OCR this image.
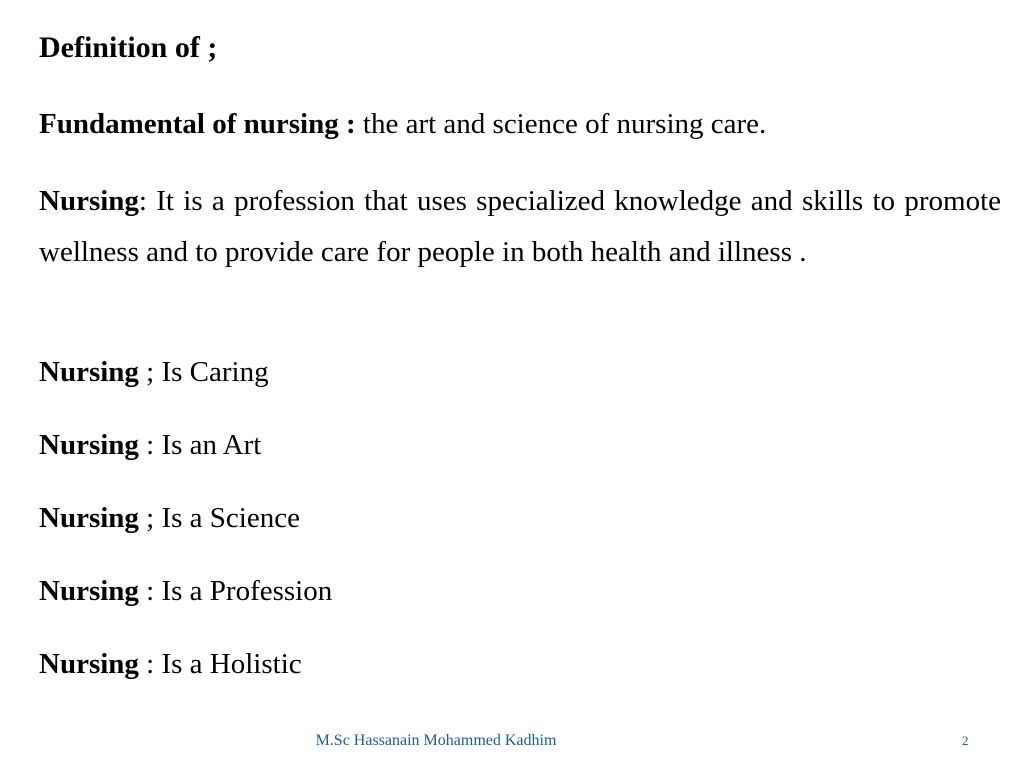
Definition of ;
Fundamental of nursing : the art and science of nursing care.
Nursing: It is a profession that uses specialized knowledge and skills to promote wellness and to provide care for people in both health and illness .
Nursing ; Is Caring
Nursing : Is an Art
Nursing ; Is a Science
Nursing : Is a Profession
Nursing : Is a Holistic
M.Sc Hassanain Mohammed Kadhim	2
